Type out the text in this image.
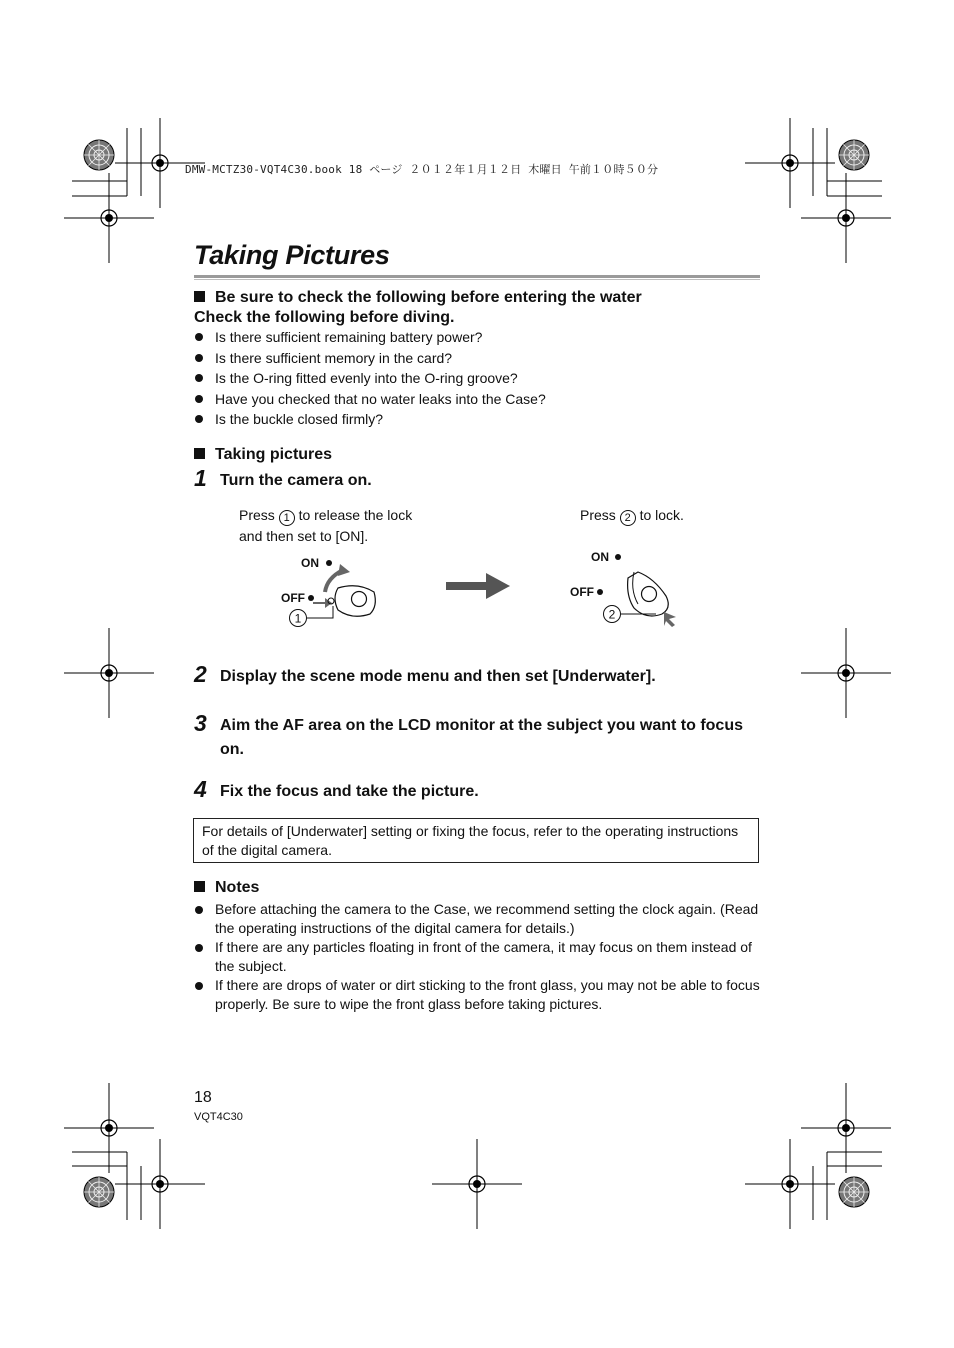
DMW-MCTZ30-VQT4C30.book 18 ページ ２０１２年１月１２日 木曜日 午前１０時５０分
Taking Pictures
Be sure to check the following before entering the water
Check the following before diving.
Is there sufficient remaining battery power?
Is there sufficient memory in the card?
Is the O-ring fitted evenly into the O-ring groove?
Have you checked that no water leaks into the Case?
Is the buckle closed firmly?
Taking pictures
1 Turn the camera on.
Press 1 to release the lock
and then set to [ON].
Press 2 to lock.
ON
OFF
1
ON
OFF
2
2 Display the scene mode menu and then set [Underwater].
3 Aim the AF area on the LCD monitor at the subject you want to focus on.
4 Fix the focus and take the picture.
For details of [Underwater] setting or fixing the focus, refer to the operating instructions of the digital camera.
Notes
Before attaching the camera to the Case, we recommend setting the clock again. (Read the operating instructions of the digital camera for details.)
If there are any particles floating in front of the camera, it may focus on them instead of the subject.
If there are drops of water or dirt sticking to the front glass, you may not be able to focus properly. Be sure to wipe the front glass before taking pictures.
18
VQT4C30
